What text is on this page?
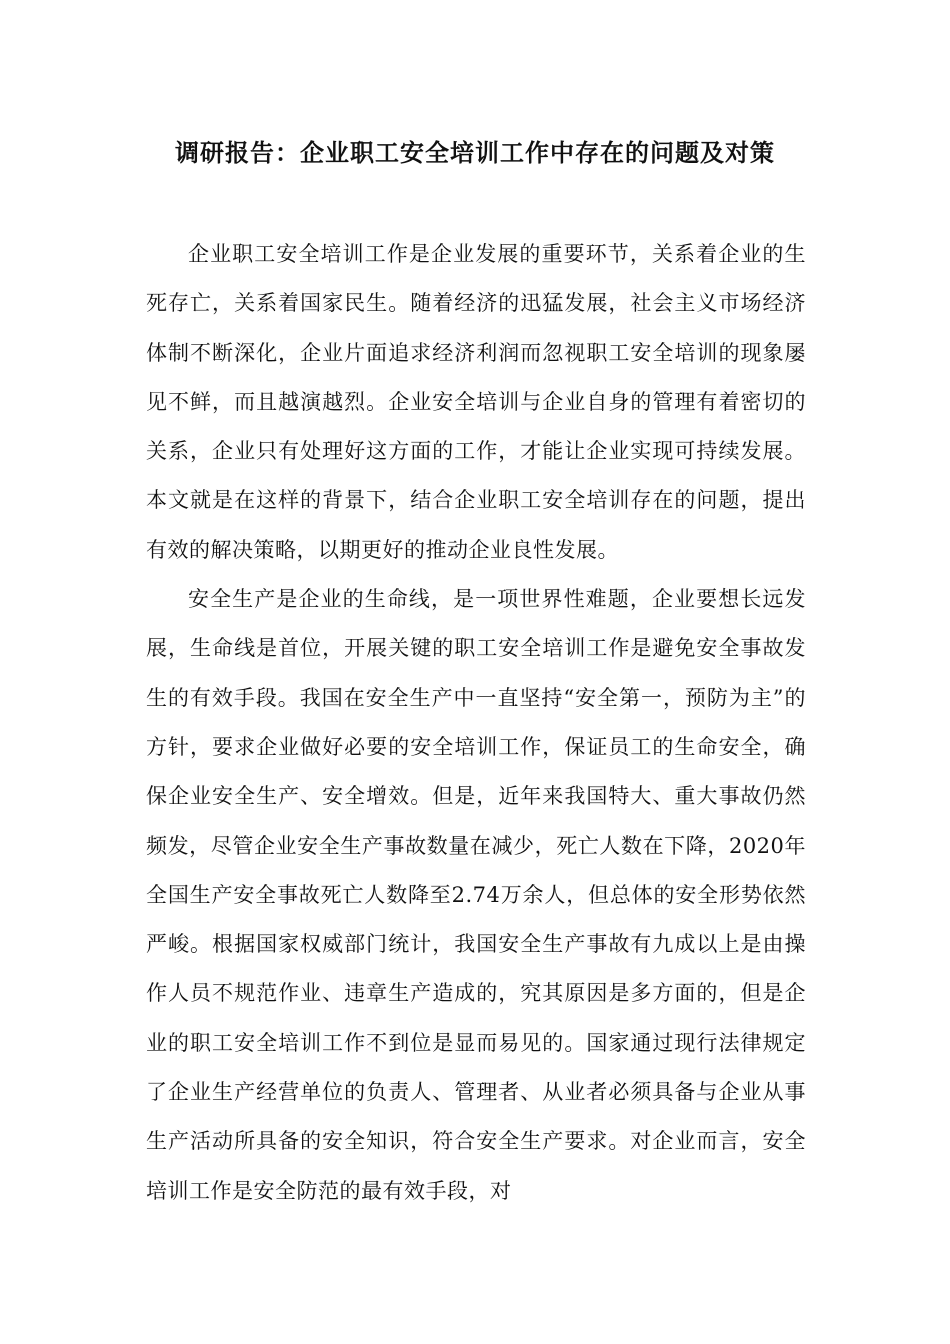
调研报告：企业职工安全培训工作中存在的问题及对策

企业职工安全培训工作是企业发展的重要环节，关系着企业的生死存亡，关系着国家民生。随着经济的迅猛发展，社会主义市场经济体制不断深化，企业片面追求经济利润而忽视职工安全培训的现象屡见不鲜，而且越演越烈。企业安全培训与企业自身的管理有着密切的关系，企业只有处理好这方面的工作，才能让企业实现可持续发展。本文就是在这样的背景下，结合企业职工安全培训存在的问题，提出有效的解决策略，以期更好的推动企业良性发展。

安全生产是企业的生命线，是一项世界性难题，企业要想长远发展，生命线是首位，开展关键的职工安全培训工作是避免安全事故发生的有效手段。我国在安全生产中一直坚持“安全第一，预防为主”的方针，要求企业做好必要的安全培训工作，保证员工的生命安全，确保企业安全生产、安全增效。但是，近年来我国特大、重大事故仍然频发，尽管企业安全生产事故数量在减少，死亡人数在下降，2020年全国生产安全事故死亡人数降至2.74万余人，但总体的安全形势依然严峻。根据国家权威部门统计，我国安全生产事故有九成以上是由操作人员不规范作业、违章生产造成的，究其原因是多方面的，但是企业的职工安全培训工作不到位是显而易见的。国家通过现行法律规定了企业生产经营单位的负责人、管理者、从业者必须具备与企业从事生产活动所具备的安全知识，符合安全生产要求。对企业而言，安全培训工作是安全防范的最有效手段，对
